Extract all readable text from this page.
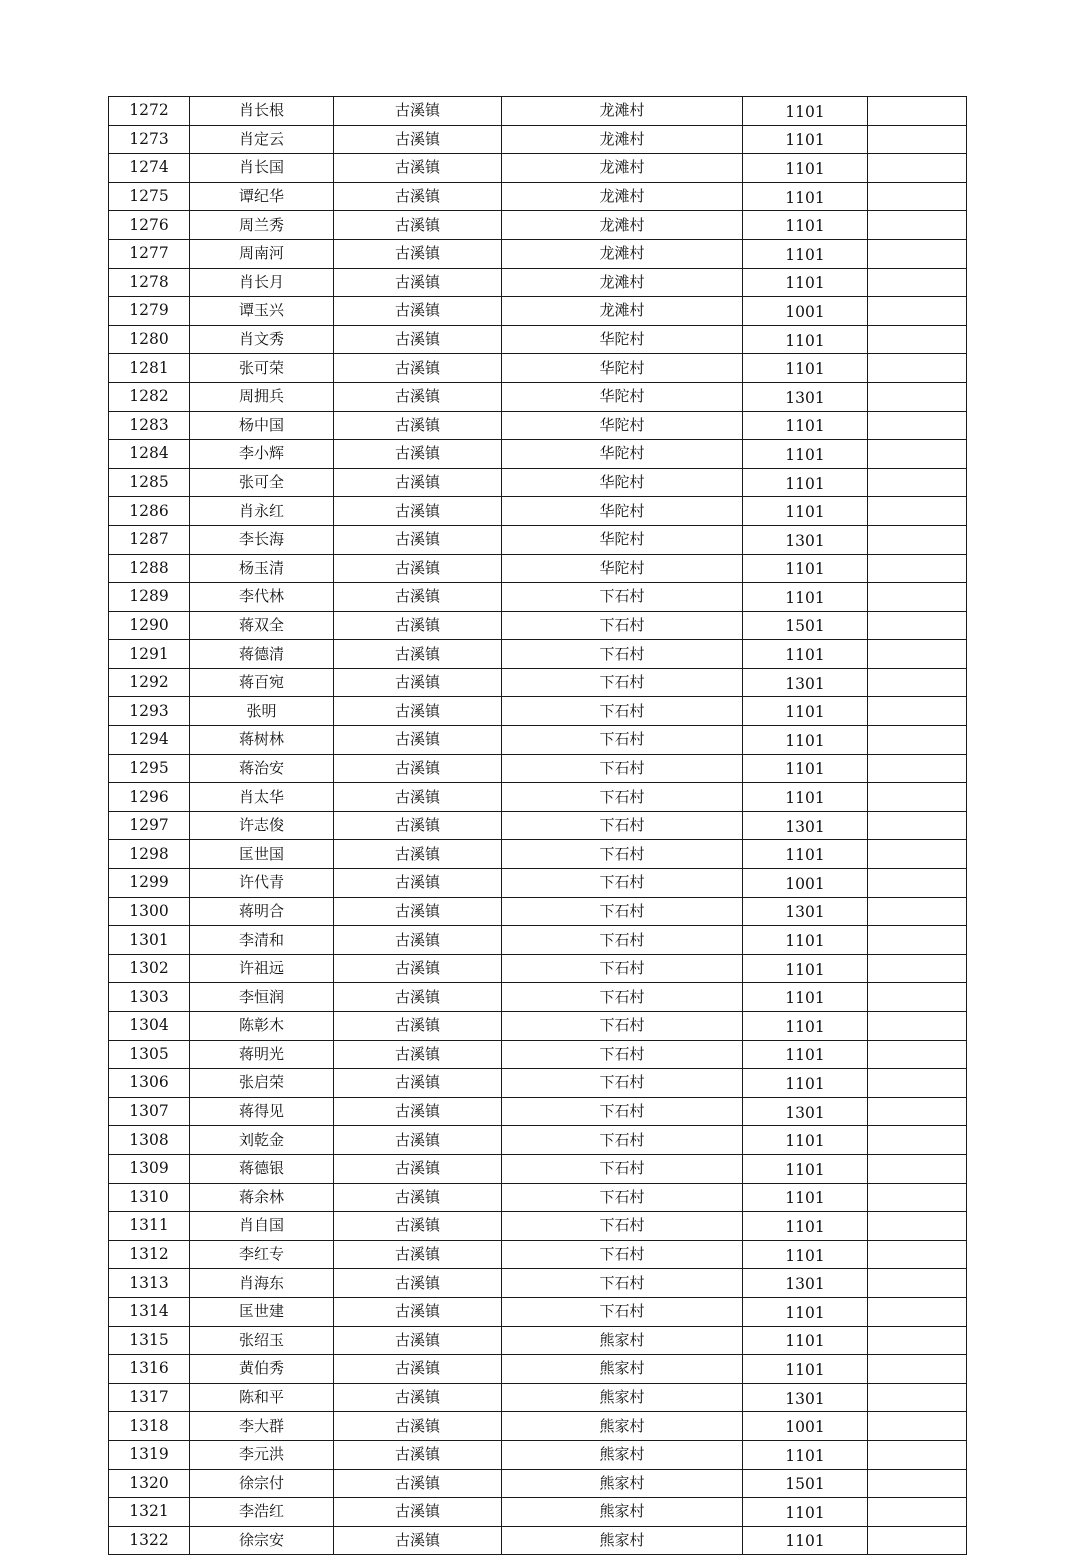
1272	肖长根	古溪镇	龙滩村	1101	
1273	肖定云	古溪镇	龙滩村	1101	
1274	肖长国	古溪镇	龙滩村	1101	
1275	谭纪华	古溪镇	龙滩村	1101	
1276	周兰秀	古溪镇	龙滩村	1101	
1277	周南河	古溪镇	龙滩村	1101	
1278	肖长月	古溪镇	龙滩村	1101	
1279	谭玉兴	古溪镇	龙滩村	1001	
1280	肖文秀	古溪镇	华陀村	1101	
1281	张可荣	古溪镇	华陀村	1101	
1282	周拥兵	古溪镇	华陀村	1301	
1283	杨中国	古溪镇	华陀村	1101	
1284	李小辉	古溪镇	华陀村	1101	
1285	张可全	古溪镇	华陀村	1101	
1286	肖永红	古溪镇	华陀村	1101	
1287	李长海	古溪镇	华陀村	1301	
1288	杨玉清	古溪镇	华陀村	1101	
1289	李代林	古溪镇	下石村	1101	
1290	蒋双全	古溪镇	下石村	1501	
1291	蒋德清	古溪镇	下石村	1101	
1292	蒋百宛	古溪镇	下石村	1301	
1293	张明	古溪镇	下石村	1101	
1294	蒋树林	古溪镇	下石村	1101	
1295	蒋治安	古溪镇	下石村	1101	
1296	肖太华	古溪镇	下石村	1101	
1297	许志俊	古溪镇	下石村	1301	
1298	匡世国	古溪镇	下石村	1101	
1299	许代青	古溪镇	下石村	1001	
1300	蒋明合	古溪镇	下石村	1301	
1301	李清和	古溪镇	下石村	1101	
1302	许祖远	古溪镇	下石村	1101	
1303	李恒润	古溪镇	下石村	1101	
1304	陈彰木	古溪镇	下石村	1101	
1305	蒋明光	古溪镇	下石村	1101	
1306	张启荣	古溪镇	下石村	1101	
1307	蒋得见	古溪镇	下石村	1301	
1308	刘乾金	古溪镇	下石村	1101	
1309	蒋德银	古溪镇	下石村	1101	
1310	蒋余林	古溪镇	下石村	1101	
1311	肖自国	古溪镇	下石村	1101	
1312	李红专	古溪镇	下石村	1101	
1313	肖海东	古溪镇	下石村	1301	
1314	匡世建	古溪镇	下石村	1101	
1315	张绍玉	古溪镇	熊家村	1101	
1316	黄伯秀	古溪镇	熊家村	1101	
1317	陈和平	古溪镇	熊家村	1301	
1318	李大群	古溪镇	熊家村	1001	
1319	李元洪	古溪镇	熊家村	1101	
1320	徐宗付	古溪镇	熊家村	1501	
1321	李浩红	古溪镇	熊家村	1101	
1322	徐宗安	古溪镇	熊家村	1101	
